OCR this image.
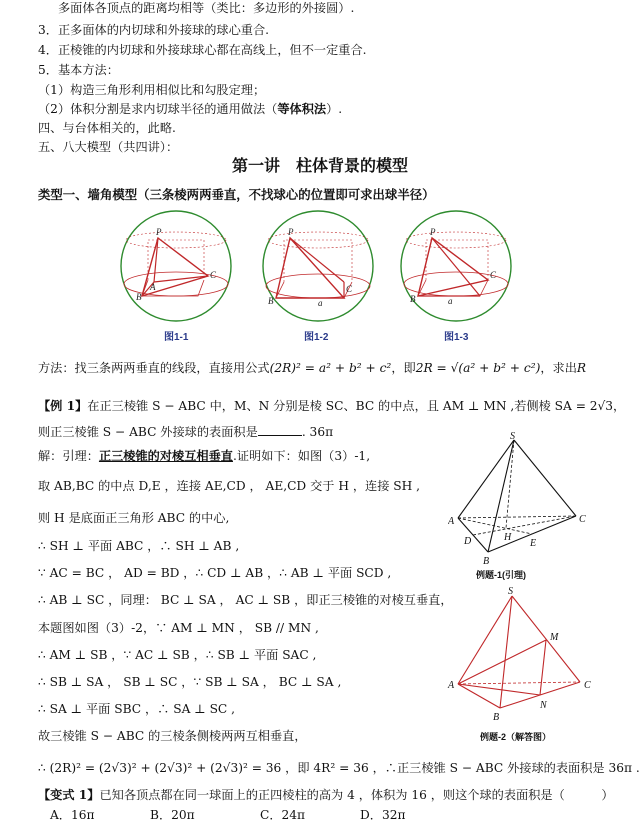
多面体各顶点的距离均相等（类比：多边形的外接圆）.
3．正多面体的内切球和外接球的球心重合.
4．正棱锥的内切球和外接球球心都在高线上，但不一定重合.
5．基本方法：
（1）构造三角形利用相似比和勾股定理；
（2）体积分割是求内切球半径的通用做法（等体积法）.
四、与台体相关的，此略.
五、八大模型（共四讲）：
第一讲　柱体背景的模型
类型一、墙角模型（三条棱两两垂直，不找球心的位置即可求出球半径）
P
B
C
A
P
B
C
a
P
B
C
a
图1-1	图1-2	图1-3
方法：找三条两两垂直的线段，直接用公式(2R)² = a² + b² + c²，即2R = √(a² + b² + c²)，求出R
【例 1】在正三棱锥 S − ABC 中，M、N 分别是棱 SC、BC 的中点，且 AM ⊥ MN ,若侧棱 SA = 2√3，
则正三棱锥 S − ABC 外接球的表面积是	. 36π
解：引理：正三棱锥的对棱互相垂直.证明如下：如图（3）-1,
取 AB,BC 的中点 D,E ，连接 AE,CD ， AE,CD 交于 H ，连接 SH ,
则 H 是底面正三角形 ABC 的中心,
∴ SH ⊥ 平面 ABC ，∴ SH ⊥ AB ,
∵ AC = BC ， AD = BD ，∴ CD ⊥ AB ，∴ AB ⊥ 平面 SCD ,
∴ AB ⊥ SC ，同理： BC ⊥ SA ， AC ⊥ SB ，即正三棱锥的对棱互垂直，
本题图如图（3）-2，∵ AM ⊥ MN ， SB // MN ,
∴ AM ⊥ SB ，∵ AC ⊥ SB ，∴ SB ⊥ 平面 SAC ,
∴ SB ⊥ SA ， SB ⊥ SC ，∵ SB ⊥ SA ， BC ⊥ SA ,
∴ SA ⊥ 平面 SBC ，∴ SA ⊥ SC ,
故三棱锥 S − ABC 的三棱条侧棱两两互相垂直，
∴ (2R)² = (2√3)² + (2√3)² + (2√3)² = 36 ，即 4R² = 36 ，∴正三棱锥 S − ABC 外接球的表面积是 36π .
S
A
B
C
D	H
E
例题-1(引理)
S
A
B
C
M
N
例题-2（解答图）
【变式 1】已知各顶点都在同一球面上的正四棱柱的高为 4 ，体积为 16 ，则这个球的表面积是（　　　）
A．16π	B．20π	C．24π	D．32π
